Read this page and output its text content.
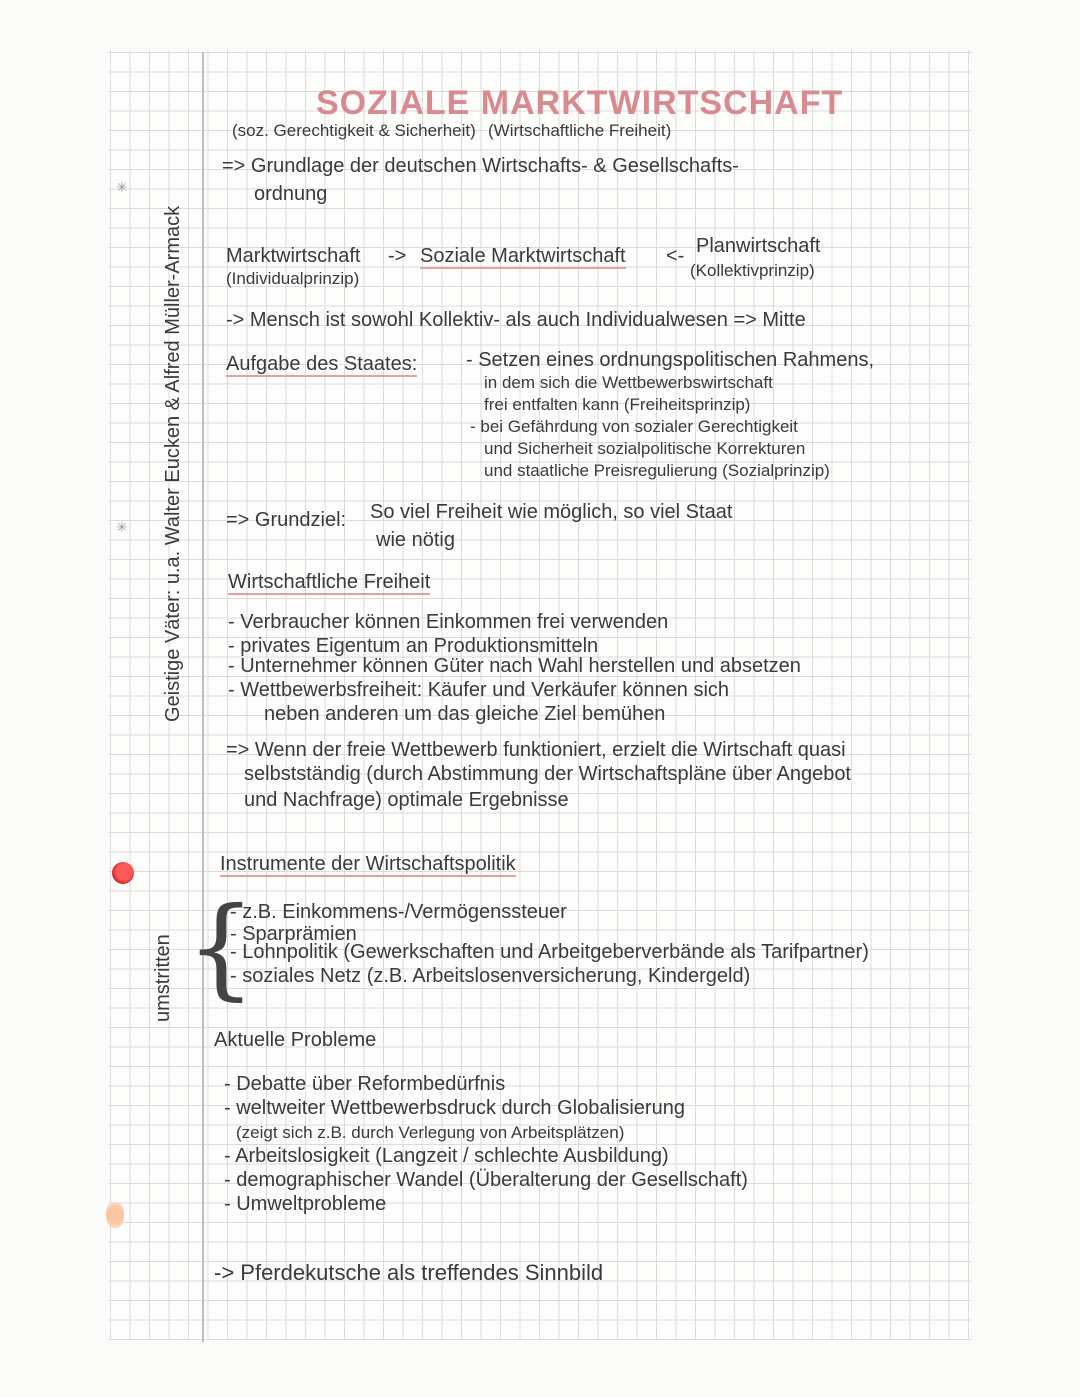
✳
✳
SOZIALE MARKTWIRTSCHAFT
(soz. Gerechtigkeit & Sicherheit) (Wirtschaftliche Freiheit)
=> Grundlage der deutschen Wirtschafts- & Gesellschafts-
ordnung
Geistige Väter: u.a. Walter Eucken & Alfred Müller-Armack
umstritten {
Marktwirtschaft
(Individualprinzip)
-> Soziale Marktwirtschaft <- Planwirtschaft
(Kollektivprinzip)
-> Mensch ist sowohl Kollektiv- als auch Individualwesen => Mitte
Aufgabe des Staates: - Setzen eines ordnungspolitischen Rahmens,
in dem sich die Wettbewerbswirtschaft
frei entfalten kann (Freiheitsprinzip)
- bei Gefährdung von sozialer Gerechtigkeit
und Sicherheit sozialpolitische Korrekturen
und staatliche Preisregulierung (Sozialprinzip)
=> Grundziel: So viel Freiheit wie möglich, so viel Staat
wie nötig
Wirtschaftliche Freiheit
- Verbraucher können Einkommen frei verwenden
- privates Eigentum an Produktionsmitteln
- Unternehmer können Güter nach Wahl herstellen und absetzen
- Wettbewerbsfreiheit: Käufer und Verkäufer können sich
neben anderen um das gleiche Ziel bemühen
=> Wenn der freie Wettbewerb funktioniert, erzielt die Wirtschaft quasi
selbstständig (durch Abstimmung der Wirtschaftspläne über Angebot
und Nachfrage) optimale Ergebnisse
Instrumente der Wirtschaftspolitik
- z.B. Einkommens-/Vermögenssteuer
- Sparprämien
- Lohnpolitik (Gewerkschaften und Arbeitgeberverbände als Tarifpartner)
- soziales Netz (z.B. Arbeitslosenversicherung, Kindergeld)
Aktuelle Probleme
- Debatte über Reformbedürfnis
- weltweiter Wettbewerbsdruck durch Globalisierung
(zeigt sich z.B. durch Verlegung von Arbeitsplätzen)
- Arbeitslosigkeit (Langzeit / schlechte Ausbildung)
- demographischer Wandel (Überalterung der Gesellschaft)
- Umweltprobleme
-> Pferdekutsche als treffendes Sinnbild
